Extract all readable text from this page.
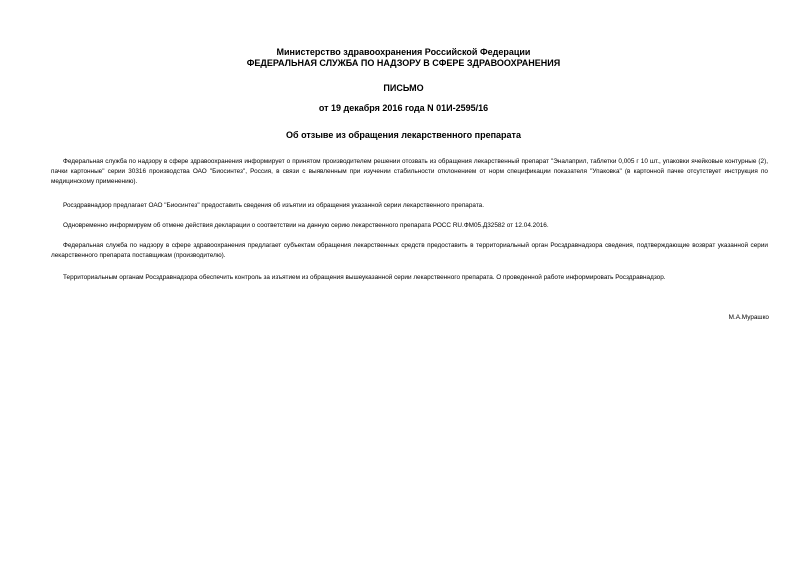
Министерство здравоохранения Российской Федерации
ФЕДЕРАЛЬНАЯ СЛУЖБА ПО НАДЗОРУ В СФЕРЕ ЗДРАВООХРАНЕНИЯ
ПИСЬМО
от 19 декабря 2016 года N 01И-2595/16
Об отзыве из обращения лекарственного препарата

Федеральная служба по надзору в сфере здравоохранения информирует о принятом производителем решении отозвать из обращения лекарственный препарат "Эналаприл, таблетки 0,005 г 10 шт., упаковки ячейковые контурные (2), пачки картонные" серии 30316 производства ОАО "Биосинтез", Россия, в связи с выявленным при изучении стабильности отклонением от норм спецификации показателя "Упаковка" (в картонной пачке отсутствует инструкция по медицинскому применению).

Росздравнадзор предлагает ОАО "Биосинтез" предоставить сведения об изъятии из обращения указанной серии лекарственного препарата.

Одновременно информируем об отмене действия декларации о соответствии на данную серию лекарственного препарата РОСС RU.ФМ05.Д32582 от 12.04.2016.

Федеральная служба по надзору в сфере здравоохранения предлагает субъектам обращения лекарственных средств предоставить в территориальный орган Росздравнадзора сведения, подтверждающие возврат указанной серии лекарственного препарата поставщикам (производителю).

Территориальным органам Росздравнадзора обеспечить контроль за изъятием из обращения вышеуказанной серии лекарственного препарата. О проведенной работе информировать Росздравнадзор.

М.А.Мурашко
